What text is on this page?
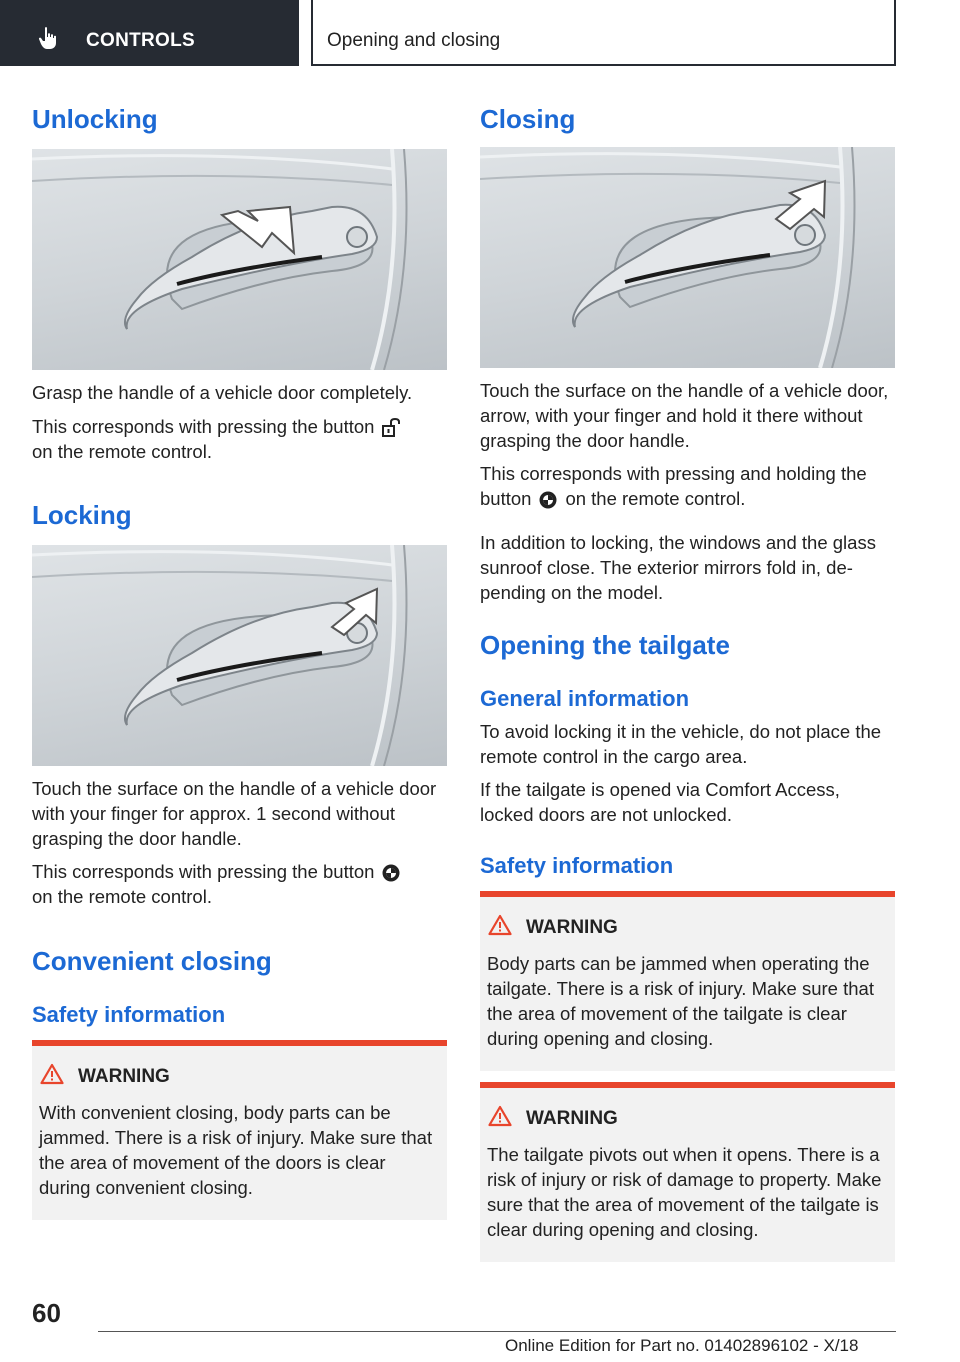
CONTROLS	Opening and closing
Unlocking

Grasp the handle of a vehicle door completely.

This corresponds with pressing the button
on the remote control.

Locking

Touch the surface on the handle of a vehicle door with your finger for approx. 1 second without grasping the door handle.

This corresponds with pressing the button
on the remote control.

Convenient closing
Safety information
WARNING

With convenient closing, body parts can be jammed. There is a risk of injury. Make sure that the area of movement of the doors is clear during convenient closing.

Closing

Touch the surface on the handle of a vehicle door, arrow, with your finger and hold it there without grasping the door handle.

This corresponds with pressing and holding the button on the remote control.

In addition to locking, the windows and the glass sunroof close. The exterior mirrors fold in, depending on the model.

Opening the tailgate
General information

To avoid locking it in the vehicle, do not place the remote control in the cargo area.

If the tailgate is opened via Comfort Access, locked doors are not unlocked.

Safety information
WARNING

Body parts can be jammed when operating the tailgate. There is a risk of injury. Make sure that the area of movement of the tailgate is clear during opening and closing.

WARNING

The tailgate pivots out when it opens. There is a risk of injury or risk of damage to property. Make sure that the area of movement of the tailgate is clear during opening and closing.

60
Online Edition for Part no. 01402896102 - X/18
